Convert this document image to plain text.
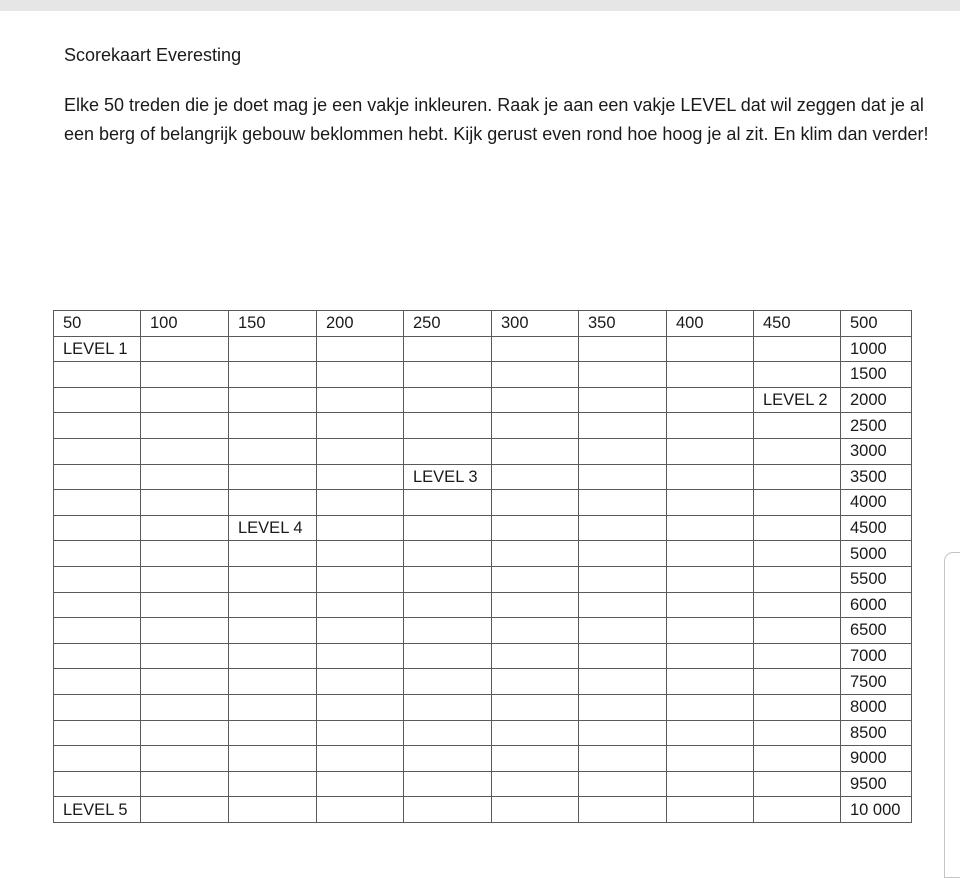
Scorekaart Everesting
Elke 50 treden die je doet mag je een vakje inkleuren. Raak je aan een vakje LEVEL dat wil zeggen dat je al een berg of belangrijk gebouw beklommen hebt. Kijk gerust even rond hoe hoog je al zit. En klim dan verder!
50	100	150	200	250	300	350	400	450	500
LEVEL 1									1000
									1500
								LEVEL 2	2000
									2500
									3000
				LEVEL 3					3500
									4000
		LEVEL 4							4500
									5000
									5500
									6000
									6500
									7000
									7500
									8000
									8500
									9000
									9500
LEVEL 5									10 000
